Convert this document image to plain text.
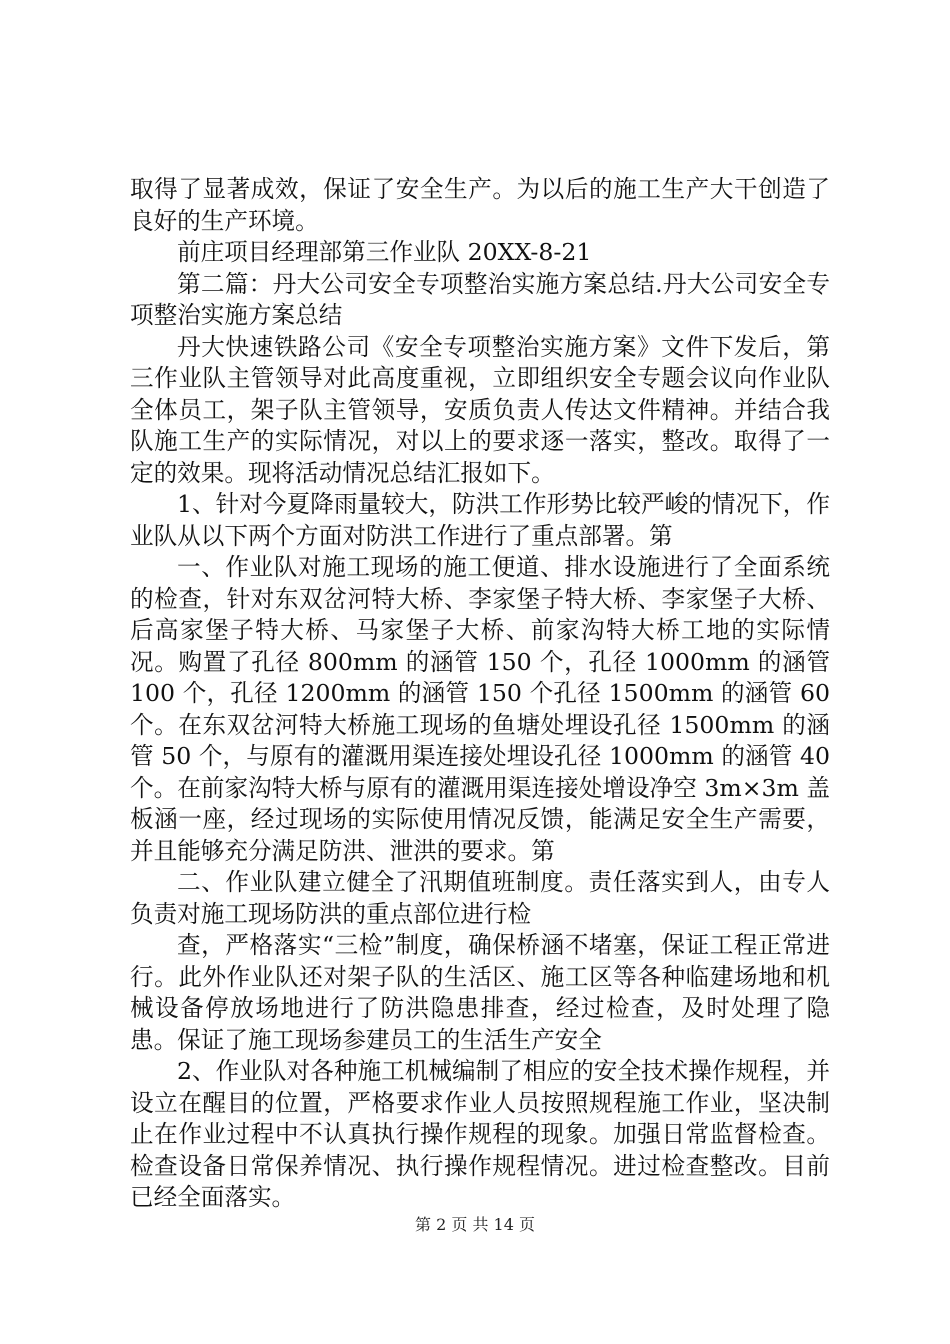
取得了显著成效，保证了安全生产。为以后的施工生产大干创造了良好的生产环境。

前庄项目经理部第三作业队 20XX-8-21

第二篇：丹大公司安全专项整治实施方案总结.丹大公司安全专项整治实施方案总结

丹大快速铁路公司《安全专项整治实施方案》文件下发后，第三作业队主管领导对此高度重视，立即组织安全专题会议向作业队全体员工，架子队主管领导，安质负责人传达文件精神。并结合我队施工生产的实际情况，对以上的要求逐一落实，整改。取得了一定的效果。现将活动情况总结汇报如下。

1、针对今夏降雨量较大，防洪工作形势比较严峻的情况下，作业队从以下两个方面对防洪工作进行了重点部署。第

一、作业队对施工现场的施工便道、排水设施进行了全面系统的检查，针对东双岔河特大桥、李家堡子特大桥、李家堡子大桥、后高家堡子特大桥、马家堡子大桥、前家沟特大桥工地的实际情况。购置了孔径 800mm 的涵管 150 个，孔径 1000mm 的涵管 100 个，孔径 1200mm 的涵管 150 个孔径 1500mm 的涵管 60 个。在东双岔河特大桥施工现场的鱼塘处埋设孔径 1500mm 的涵管 50 个，与原有的灌溉用渠连接处埋设孔径 1000mm 的涵管 40 个。在前家沟特大桥与原有的灌溉用渠连接处增设净空 3m×3m 盖板涵一座，经过现场的实际使用情况反馈，能满足安全生产需要，并且能够充分满足防洪、泄洪的要求。第

二、作业队建立健全了汛期值班制度。责任落实到人，由专人负责对施工现场防洪的重点部位进行检

查，严格落实“三检”制度，确保桥涵不堵塞，保证工程正常进行。此外作业队还对架子队的生活区、施工区等各种临建场地和机械设备停放场地进行了防洪隐患排查，经过检查，及时处理了隐患。保证了施工现场参建员工的生活生产安全

2、作业队对各种施工机械编制了相应的安全技术操作规程，并设立在醒目的位置，严格要求作业人员按照规程施工作业，坚决制止在作业过程中不认真执行操作规程的现象。加强日常监督检查。检查设备日常保养情况、执行操作规程情况。进过检查整改。目前已经全面落实。

第 2 页 共 14 页
